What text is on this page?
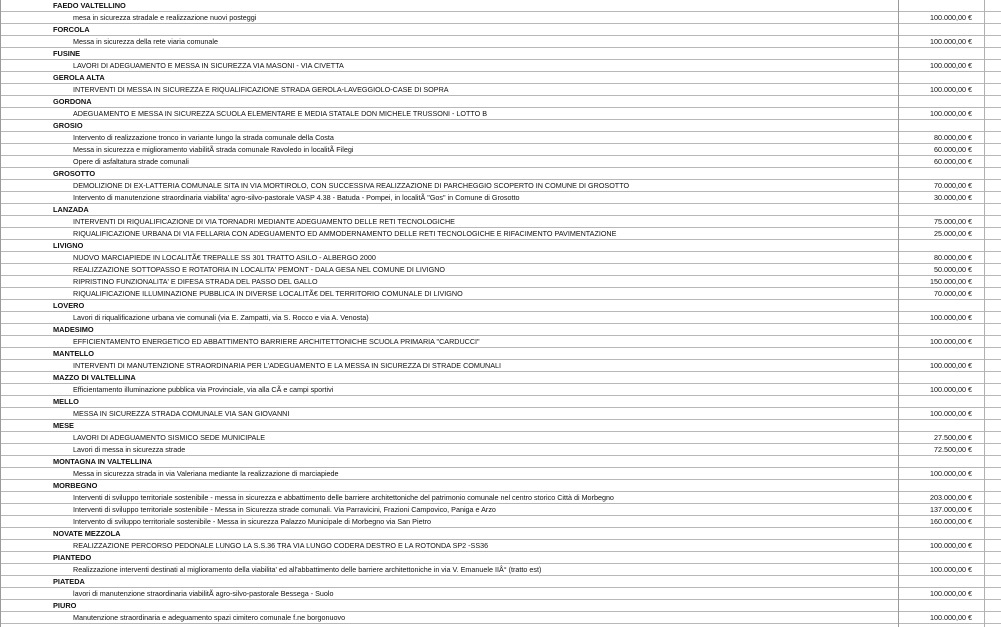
FAEDO VALTELLINO
mesa in sicurezza stradale e realizzazione nuovi posteggi	100.000,00 €
FORCOLA
Messa in sicurezza della rete viaria comunale	100.000,00 €
FUSINE
LAVORI DI ADEGUAMENTO E MESSA IN SICUREZZA VIA MASONI - VIA CIVETTA	100.000,00 €
GEROLA ALTA
INTERVENTI DI MESSA IN SICUREZZA E RIQUALIFICAZIONE STRADA GEROLA-LAVEGGIOLO-CASE DI SOPRA	100.000,00 €
GORDONA
ADEGUAMENTO E MESSA IN SICUREZZA SCUOLA ELEMENTARE E MEDIA STATALE DON MICHELE TRUSSONI - LOTTO B	100.000,00 €
GROSIO
Intervento di realizzazione tronco in variante lungo la strada comunale della Costa	80.000,00 €
Messa in sicurezza e miglioramento viabilitÃ strada comunale Ravoledo in localitÃ Filegi	60.000,00 €
Opere di asfaltatura strade comunali	60.000,00 €
GROSOTTO
DEMOLIZIONE DI EX-LATTERIA COMUNALE SITA IN VIA MORTIROLO, CON SUCCESSIVA REALIZZAZIONE DI PARCHEGGIO SCOPERTO IN COMUNE DI GROSOTTO	70.000,00 €
Intervento di manutenzione straordinaria viabilita' agro-silvo-pastorale VASP 4.38 - Batuda - Pompei, in localitÃ "Gos" in Comune di Grosotto	30.000,00 €
LANZADA
INTERVENTI DI RIQUALIFICAZIONE DI VIA TORNADRI MEDIANTE ADEGUAMENTO DELLE RETI TECNOLOGICHE	75.000,00 €
RIQUALIFICAZIONE URBANA DI VIA FELLARIA CON ADEGUAMENTO ED AMMODERNAMENTO DELLE RETI TECNOLOGICHE E RIFACIMENTO PAVIMENTAZIONE	25.000,00 €
LIVIGNO
NUOVO MARCIAPIEDE IN LOCALITÃ€ TREPALLE SS 301 TRATTO ASILO - ALBERGO 2000	80.000,00 €
REALIZZAZIONE SOTTOPASSO E ROTATORIA IN LOCALITA' PEMONT - DALA GESA NEL COMUNE DI LIVIGNO	50.000,00 €
RIPRISTINO FUNZIONALITA' E DIFESA STRADA DEL PASSO DEL GALLO	150.000,00 €
RIQUALIFICAZIONE ILLUMINAZIONE PUBBLICA IN DIVERSE LOCALITÃ€ DEL TERRITORIO COMUNALE DI LIVIGNO	70.000,00 €
LOVERO
Lavori di riqualificazione urbana vie comunali (via E. Zampatti, via S. Rocco e via A. Venosta)	100.000,00 €
MADESIMO
EFFICIENTAMENTO ENERGETICO ED ABBATTIMENTO BARRIERE ARCHITETTONICHE SCUOLA PRIMARIA "CARDUCCI"	100.000,00 €
MANTELLO
INTERVENTI DI MANUTENZIONE STRAORDINARIA PER L'ADEGUAMENTO E LA MESSA IN SICUREZZA DI STRADE COMUNALI	100.000,00 €
MAZZO DI VALTELLINA
Efficientamento illuminazione pubblica via Provinciale, via alla CÃ e campi sportivi	100.000,00 €
MELLO
MESSA IN SICUREZZA STRADA COMUNALE VIA SAN GIOVANNI	100.000,00 €
MESE
LAVORI DI ADEGUAMENTO SISMICO SEDE MUNICIPALE	27.500,00 €
Lavori di messa in sicurezza strade	72.500,00 €
MONTAGNA IN VALTELLINA
Messa in sicurezza strada in via Valeriana mediante la realizzazione di marciapiede	100.000,00 €
MORBEGNO
Interventi di sviluppo territoriale sostenibile - messa in sicurezza e abbattimento delle barriere architettoniche del patrimonio comunale nel centro storico Città di Morbegno	203.000,00 €
Interventi di sviluppo territoriale sostenibile - Messa in Sicurezza strade comunali. Via Parravicini, Frazioni Campovico, Paniga e Arzo	137.000,00 €
Intervento di sviluppo territoriale sostenibile - Messa in sicurezza Palazzo Municipale di Morbegno via San Pietro	160.000,00 €
NOVATE MEZZOLA
REALIZZAZIONE PERCORSO PEDONALE LUNGO LA S.S.36 TRA VIA LUNGO CODERA DESTRO E LA ROTONDA SP2 -SS36	100.000,00 €
PIANTEDO
Realizzazione interventi destinati al miglioramento della viabilita' ed all'abbattimento delle barriere architettoniche in via V. Emanuele IIÂ° (tratto est)	100.000,00 €
PIATEDA
lavori di manutenzione straordinaria viabilitÃ agro-silvo-pastorale Bessega - Suolo	100.000,00 €
PIURO
Manutenzione straordinaria e adeguamento spazi cimitero comunale f.ne borgonuovo	100.000,00 €
